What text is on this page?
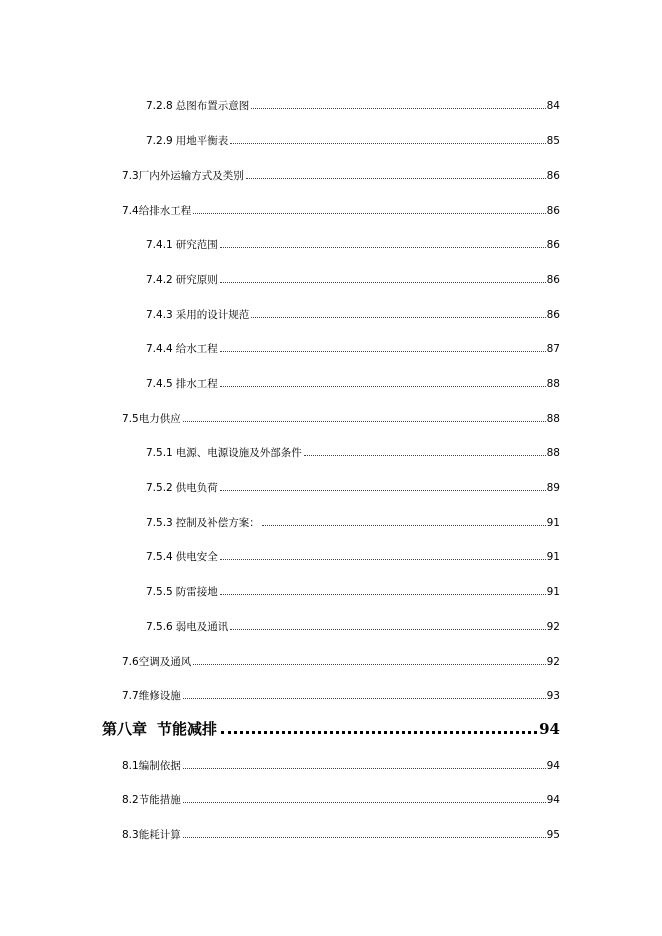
7.2.8 总图布置示意图	84
7.2.9 用地平衡表	85
7.3 厂内外运输方式及类别	86
7.4 给排水工程	86
7.4.1 研究范围	86
7.4.2 研究原则	86
7.4.3 采用的设计规范	86
7.4.4 给水工程	87
7.4.5 排水工程	88
7.5 电力供应	88
7.5.1 电源、电源设施及外部条件	88
7.5.2 供电负荷	89
7.5.3 控制及补偿方案：	91
7.5.4 供电安全	91
7.5.5 防雷接地	91
7.5.6 弱电及通讯	92
7.6 空调及通风	92
7.7 维修设施	93
第八章 节能减排	94
8.1 编制依据	94
8.2 节能措施	94
8.3 能耗计算	95
